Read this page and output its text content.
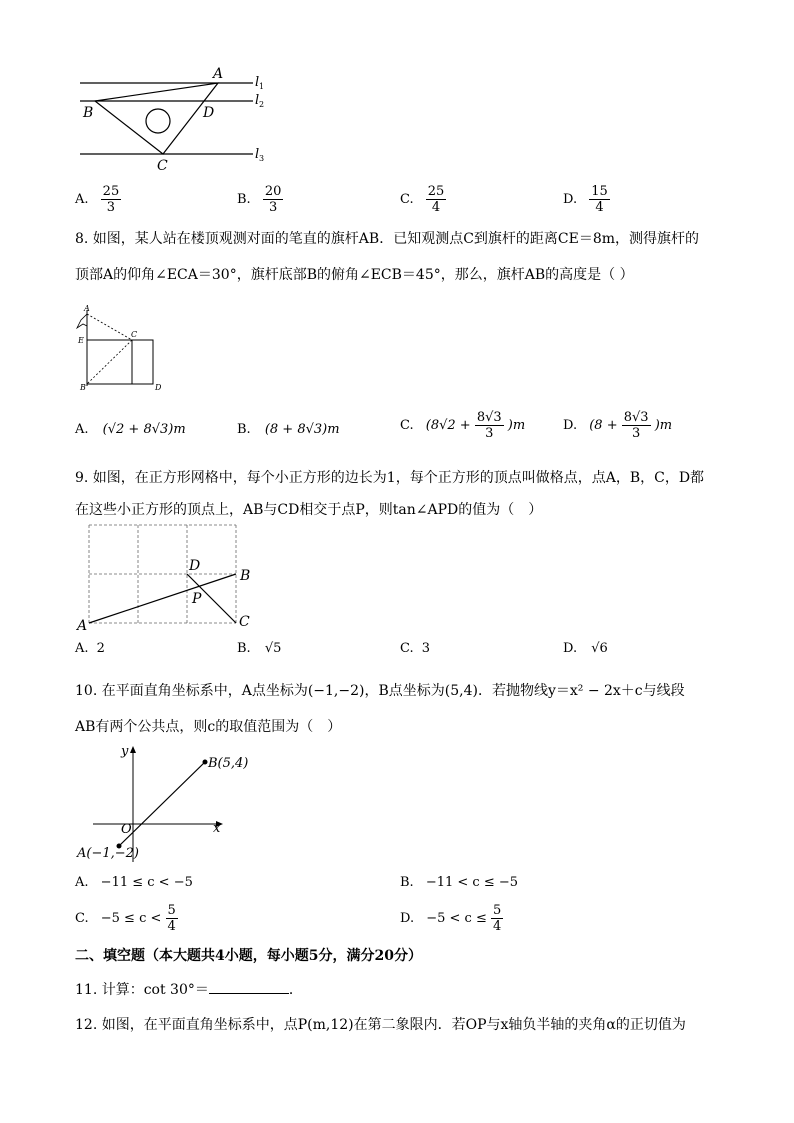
A
B	D
C
l 1
l 2
l 3
A. $\frac{25}{3}$	B. $\frac{20}{3}$	C. $\frac{25}{4}$	D. $\frac{15}{4}$
8. 如图，某人站在楼顶观测对面的笔直的旗杆AB．已知观测点C到旗杆的距离CE＝8m，测得旗杆的
顶部A的仰角∠ECA＝30°，旗杆底部B的俯角∠ECB＝45°，那么，旗杆AB的高度是（ ）
A
C
E
B	D
A. (√2 + 8√3)m	B. (8 + 8√3)m	C. $(8√2 + \frac{8√3}{3} )m$	D. $(8 + \frac{8√3}{3} )m$
9. 如图，在正方形网格中，每个小正方形的边长为1，每个正方形的顶点叫做格点，点A，B，C，D都
在这些小正方形的顶点上，AB与CD相交于点P，则tan∠APD的值为（　）
A
B
C
D
P
A. 2	B. √5	C. 3	D. √6
10. 在平面直角坐标系中，A点坐标为(−1,−2)，B点坐标为(5,4)．若抛物线y＝x² − 2x＋c与线段
AB有两个公共点，则c的取值范围为（　）
y
x
O
B(5,4)
A(−1,−2)
A. −11 ≤ c < −5	B. −11 < c ≤ −5
C. $-5 \le c < \frac{5}{4}$	D. $-5 < c \le \frac{5}{4}$
二、填空题（本大题共4小题，每小题5分，满分20分）
11. 计算：cot 30°＝	．
12. 如图，在平面直角坐标系中，点P(m,12)在第二象限内．若OP与x轴负半轴的夹角α的正切值为
